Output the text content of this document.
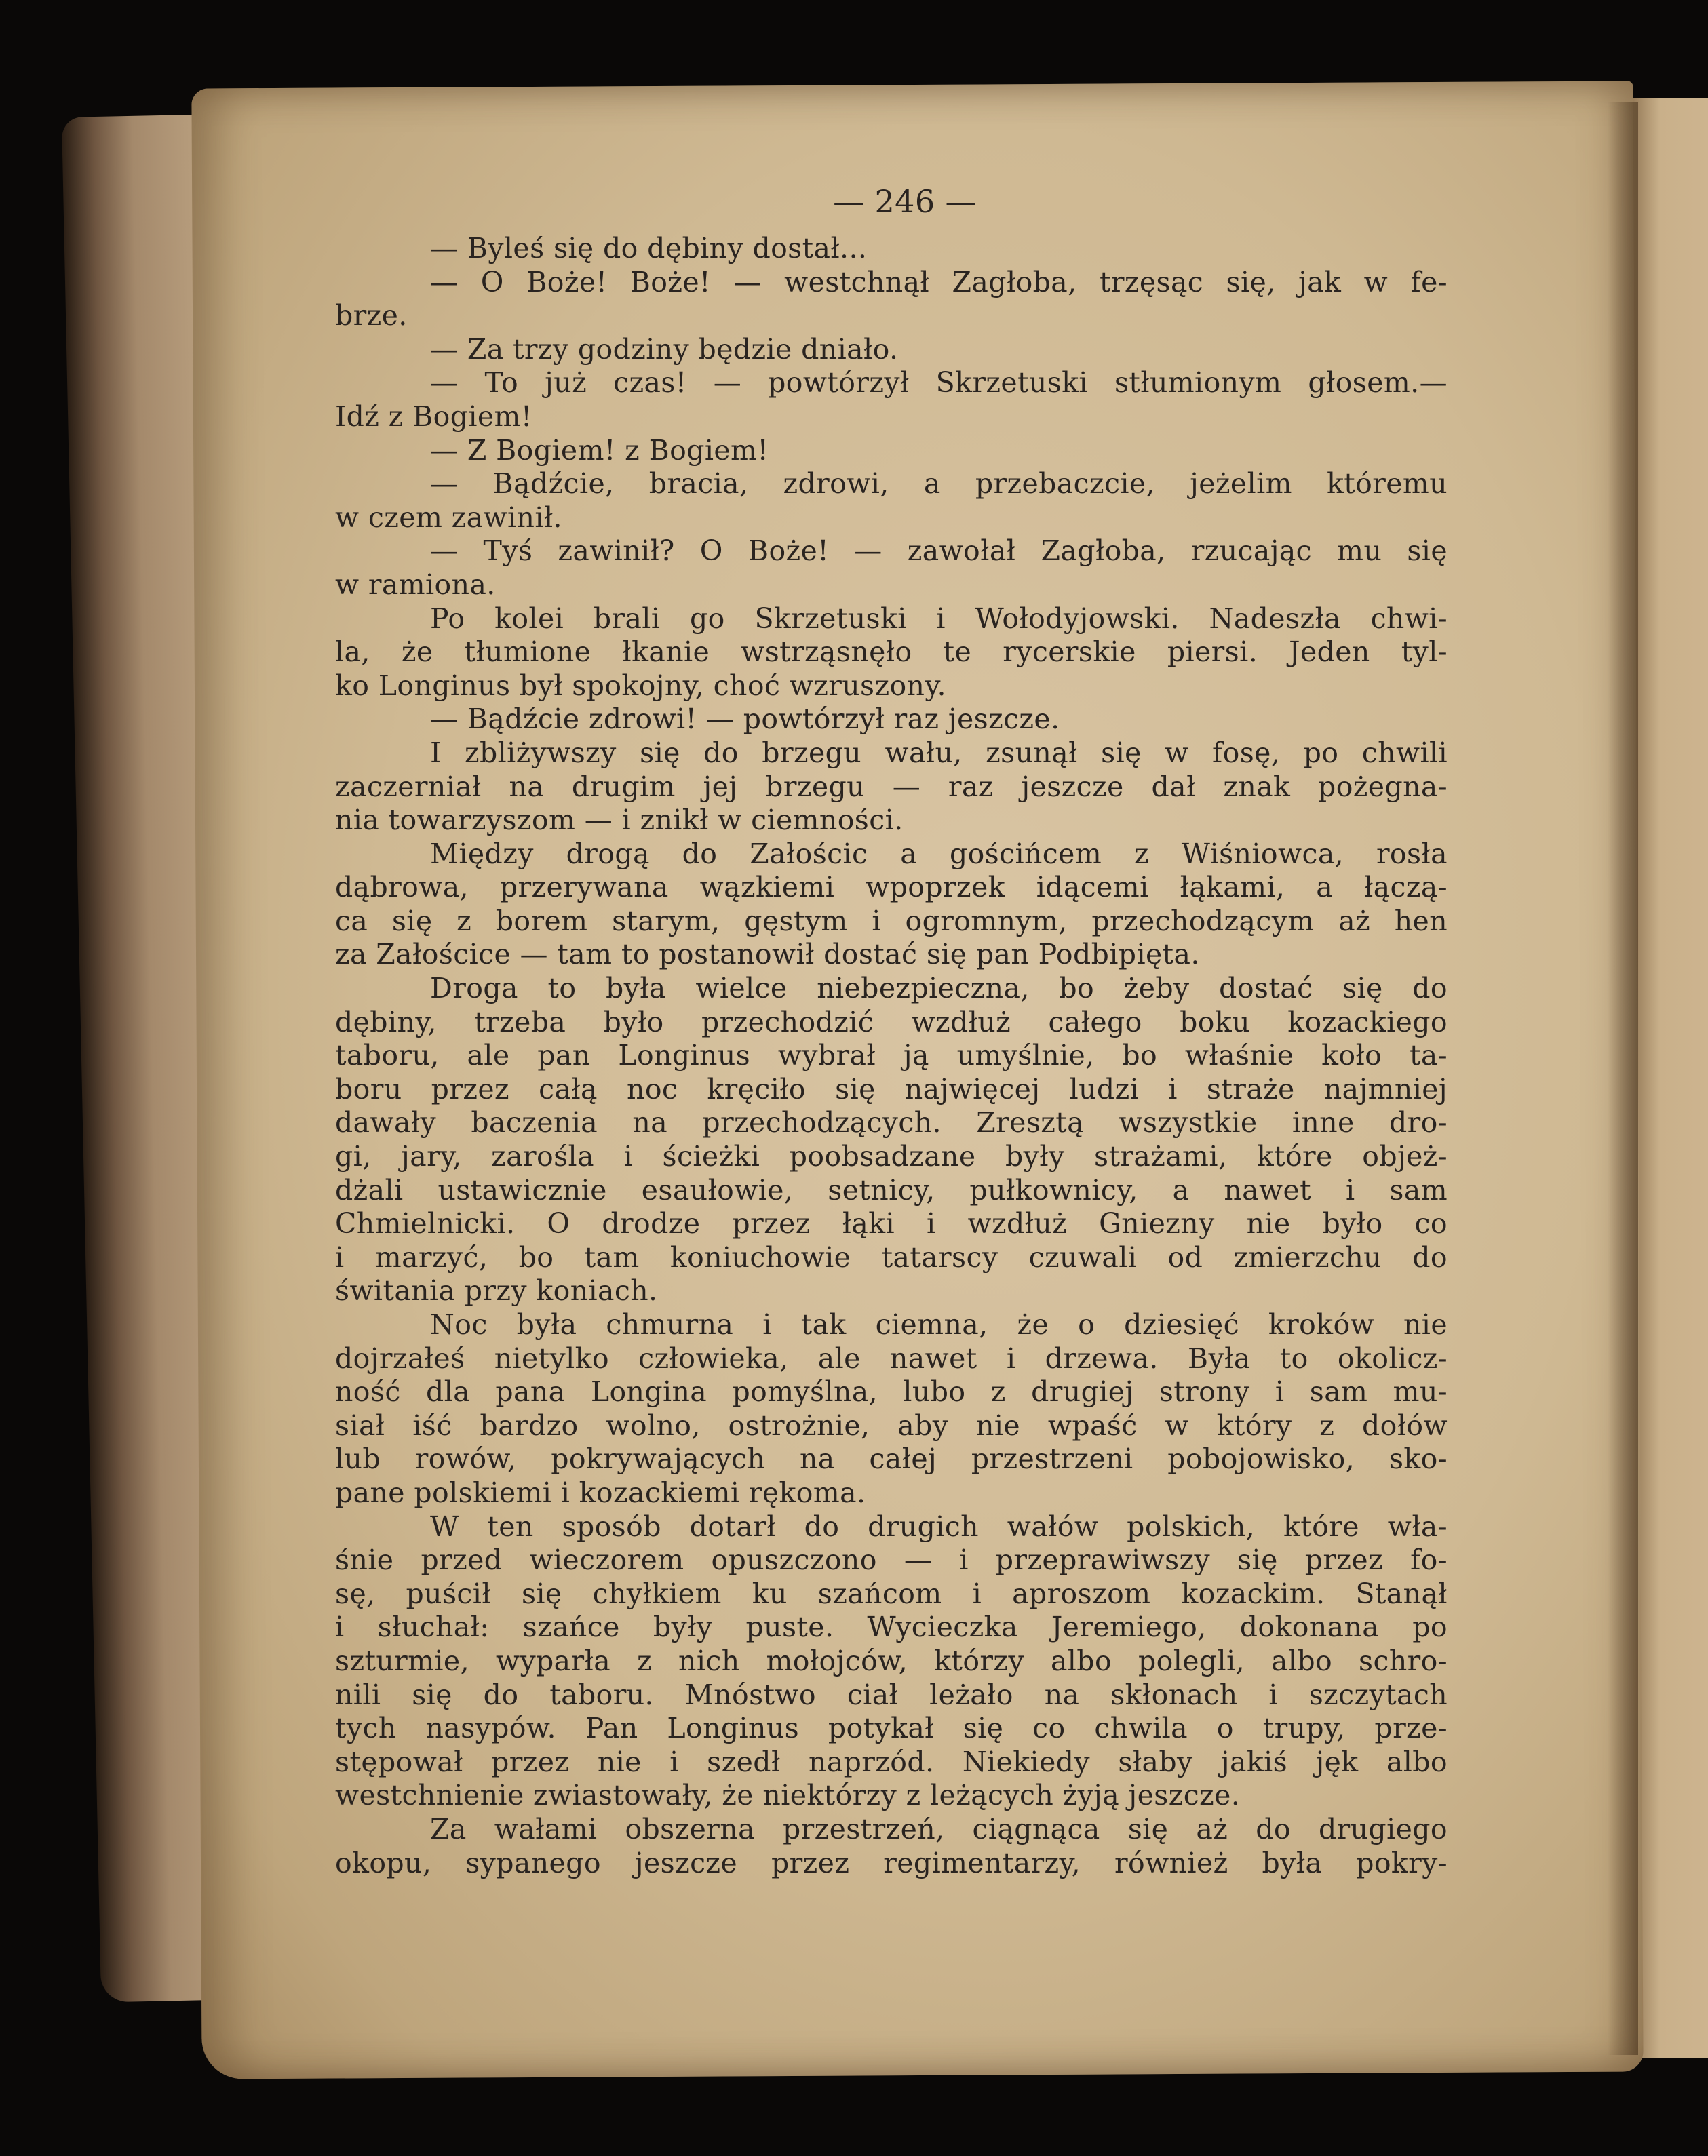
— 246 —
— Byleś się do dębiny dostał...
— O Boże! Boże! — westchnął Zagłoba, trzęsąc się, jak w fe-
brze.
— Za trzy godziny będzie dniało.
— To już czas! — powtórzył Skrzetuski stłumionym głosem.—
Idź z Bogiem!
— Z Bogiem! z Bogiem!
— Bądźcie, bracia, zdrowi, a przebaczcie, jeżelim któremu
w czem zawinił.
— Tyś zawinił? O Boże! — zawołał Zagłoba, rzucając mu się
w ramiona.
Po kolei brali go Skrzetuski i Wołodyjowski. Nadeszła chwi-
la, że tłumione łkanie wstrząsnęło te rycerskie piersi. Jeden tyl-
ko Longinus był spokojny, choć wzruszony.
— Bądźcie zdrowi! — powtórzył raz jeszcze.
I zbliżywszy się do brzegu wału, zsunął się w fosę, po chwili
zaczerniał na drugim jej brzegu — raz jeszcze dał znak pożegna-
nia towarzyszom — i znikł w ciemności.
Między drogą do Załościc a gościńcem z Wiśniowca, rosła
dąbrowa, przerywana wązkiemi wpoprzek idącemi łąkami, a łączą-
ca się z borem starym, gęstym i ogromnym, przechodzącym aż hen
za Załościce — tam to postanowił dostać się pan Podbipięta.
Droga to była wielce niebezpieczna, bo żeby dostać się do
dębiny, trzeba było przechodzić wzdłuż całego boku kozackiego
taboru, ale pan Longinus wybrał ją umyślnie, bo właśnie koło ta-
boru przez całą noc kręciło się najwięcej ludzi i straże najmniej
dawały baczenia na przechodzących. Zresztą wszystkie inne dro-
gi, jary, zarośla i ścieżki poobsadzane były strażami, które objeż-
dżali ustawicznie esaułowie, setnicy, pułkownicy, a nawet i sam
Chmielnicki. O drodze przez łąki i wzdłuż Gniezny nie było co
i marzyć, bo tam koniuchowie tatarscy czuwali od zmierzchu do
świtania przy koniach.
Noc była chmurna i tak ciemna, że o dziesięć kroków nie
dojrzałeś nietylko człowieka, ale nawet i drzewa. Była to okolicz-
ność dla pana Longina pomyślna, lubo z drugiej strony i sam mu-
siał iść bardzo wolno, ostrożnie, aby nie wpaść w który z dołów
lub rowów, pokrywających na całej przestrzeni pobojowisko, sko-
pane polskiemi i kozackiemi rękoma.
W ten sposób dotarł do drugich wałów polskich, które wła-
śnie przed wieczorem opuszczono — i przeprawiwszy się przez fo-
sę, puścił się chyłkiem ku szańcom i aproszom kozackim. Stanął
i słuchał: szańce były puste. Wycieczka Jeremiego, dokonana po
szturmie, wyparła z nich mołojców, którzy albo polegli, albo schro-
nili się do taboru. Mnóstwo ciał leżało na skłonach i szczytach
tych nasypów. Pan Longinus potykał się co chwila o trupy, prze-
stępował przez nie i szedł naprzód. Niekiedy słaby jakiś jęk albo
westchnienie zwiastowały, że niektórzy z leżących żyją jeszcze.
Za wałami obszerna przestrzeń, ciągnąca się aż do drugiego
okopu, sypanego jeszcze przez regimentarzy, również była pokry-
